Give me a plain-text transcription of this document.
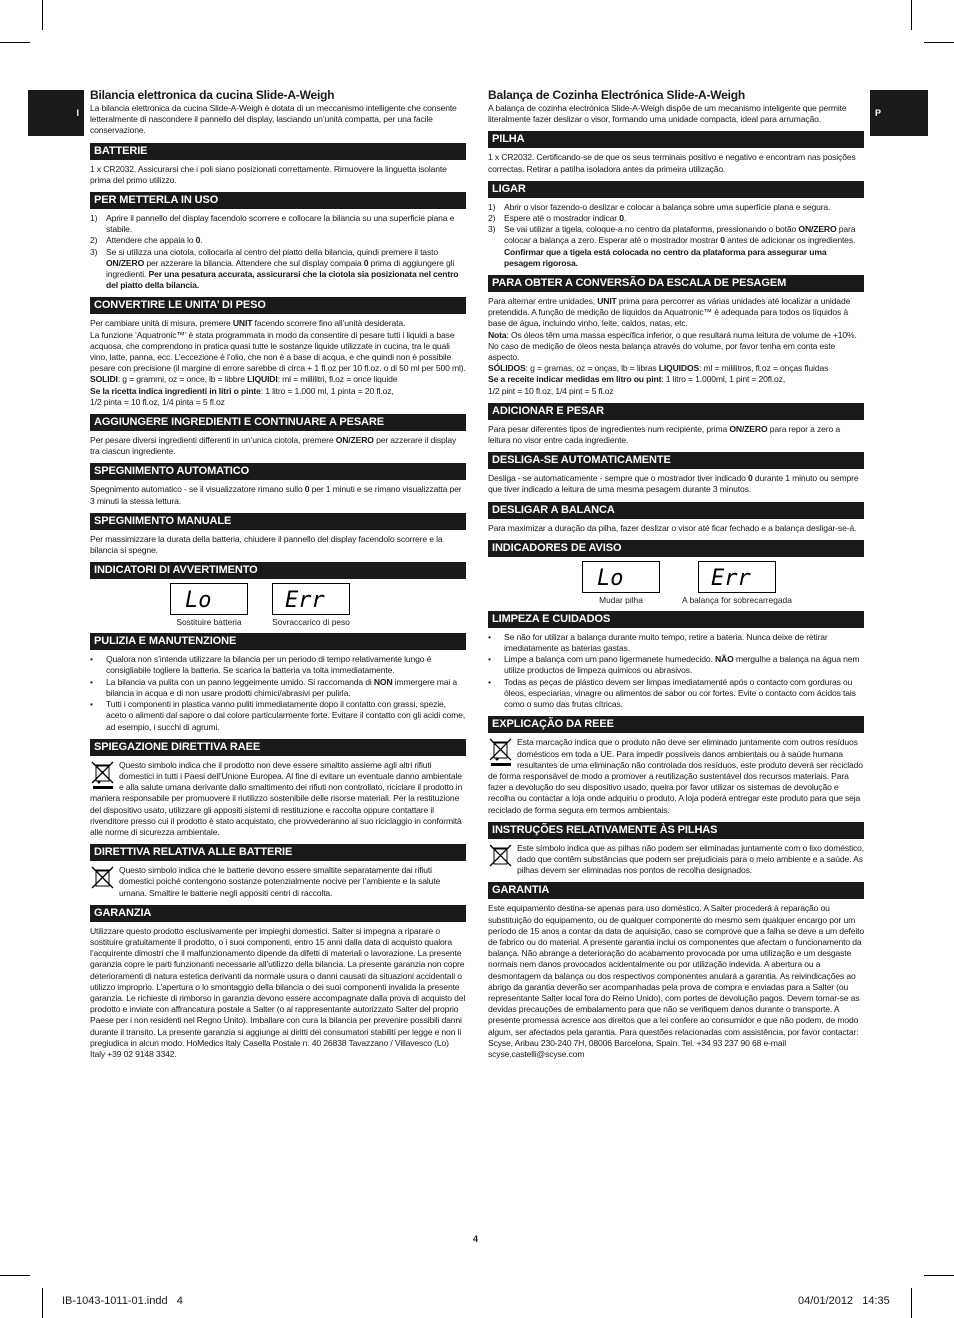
I	P
Bilancia elettronica da cucina Slide-A-Weigh

La bilancia elettronica da cucina Slide-A-Weigh è dotata di un meccanismo intelligente che consente letteralmente di nascondere il pannello del display, lasciando un’unità compatta, per una facile conservazione.

BATTERIE

1 x CR2032. Assicurarsi che i poli siano posizionati correttamente. Rimuovere la linguetta isolante prima del primo utilizzo.

PER METTERLA IN USO
1)	Aprire il pannello del display facendolo scorrere e collocare la bilancia su una superficie piana e stabile.
2)	Attendere che appaia lo 0.
3)	Se si utilizza una ciotola, collocarla al centro del piatto della bilancia, quindi premere il tasto ON/ZERO per azzerare la bilancia. Attendere che sul display compaia 0 prima di aggiungere gli ingredienti. Per una pesatura accurata, assicurarsi che la ciotola sia posizionata nel centro del piatto della bilancia.
CONVERTIRE LE UNITA’ DI PESO

Per cambiare unità di misura, premere UNIT facendo scorrere fino all’unità desiderata.

La funzione ‘Aquatronic™’ è stata programmata in modo da consentire di pesare tutti i liquidi a base acquosa, che comprendono in pratica quasi tutte le sostanze liquide utilizzate in cucina, tra le quali vino, latte, panna, ecc. L’eccezione è l’olio, che non è a base di acqua, e che quindi non è possibile pesare con precisione (il margine di errore sarebbe di circa + 1 fl.oz per 10 fl.oz. o di 50 ml per 500 ml).

SOLIDI: g = grammi, oz = once, lb = libbre LIQUIDI: ml = millilitri, fl.oz = once liquide

Se la ricetta indica ingredienti in litri o pinte: 1 litro = 1.000 ml, 1 pinta = 20 fl.oz,

1/2 pinta = 10 fl.oz, 1/4 pinta = 5 fl.oz

AGGIUNGERE INGREDIENTI E CONTINUARE A PESARE

Per pesare diversi ingredienti differenti in un’unica ciotola, premere ON/ZERO per azzerare il display tra ciascun ingrediente.

SPEGNIMENTO AUTOMATICO

Spegnimento automatico - se il visualizzatore rimano sullo 0 per 1 minuti e se rimano visualizzatta per 3 minuti la stessa lettura.

SPEGNIMENTO MANUALE

Per massimizzare la durata della batteria, chiudere il pannello del display facendolo scorrere e la bilancia si spegne.

INDICATORI DI AVVERTIMENTO
Lo
Sostituire batteria
Err
Sovraccarico di peso
PULIZIA E MANUTENZIONE
•	Qualora non s’intenda utilizzare la bilancia per un periodo di tempo relativamente lungo é consigliabile togliere la batteria. Se scarica la batteria va tolta immediatamente.
•	La bilancia va pulita con un panno leggeimente umido. Si raccomanda di NON immergere mai a bilancia in acqua e di non usare prodotti chimici/abrasivi per pulirla.
•	Tutti i componenti in plastica vanno puliti immediatamente dopo il contatto con grassi, spezie, aceto o alimenti dal sapore o dal colore particularmente forte. Evitare il contatto con gli acidi come, ad esempio, i succhi di agrumi.
SPIEGAZIONE DIRETTIVA RAEE

Questo simbolo indica che il prodotto non deve essere smaltito assieme agli altri rifiuti domestici in tutti i Paesi dell’Unione Europea. Al fine di evitare un eventuale danno ambientale e alla salute umana derivante dallo smaltimento dei rifiuti non controllato, riciclare il prodotto in maniera responsabile per promuovere il riutilizzo sostenibile delle risorse materiali. Per la restituzione del dispositivo usato, utilizzare gli appositi sistemi di restituzione e raccolta oppure contattare il rivenditore presso cui il prodotto è stato acquistato, che provvederanno al suo riciclaggio in conformità alle norme di sicurezza ambientale.

DIRETTIVA RELATIVA ALLE BATTERIE

Questo simbolo indica che le batterie devono essere smaltite separatamente dai rifiuti domestici poiché contengono sostanze potenzialmente nocive per l’ambiente e la salute umana. Smaltire le batterie negli appositi centri di raccolta.

GARANZIA

Utilizzare questo prodotto esclusivamente per impieghi domestici. Salter si impegna a riparare o sostituire gratuitamente il prodotto, o i suoi componenti, entro 15 anni dalla data di acquisto qualora l’acquirente dimostri che il malfunzionamento dipende da difetti di materiali o lavorazione. La presente garanzia copre le parti funzionanti necessarie all’utilizzo della bilancia. La presente garanzia non copre deterioramenti di natura estetica derivanti da normale usura o danni causati da situazioni accidentali o utilizzo improprio. L’apertura o lo smontaggio della bilancia o dei suoi componenti invalida la presente garanzia. Le richieste di rimborso in garanzia devono essere accompagnate dalla prova di acquisto del prodotto e inviate con affrancatura postale a Salter (o al rappresentante autorizzato Salter del proprio Paese per i non residenti nel Regno Unito). Imballare con cura la bilancia per prevenire possibili danni durante il transito. La presente garanzia si aggiunge ai diritti dei consumatori stabiliti per legge e non li pregiudica in alcun modo. HoMedics Italy Casella Postale n. 40 26838 Tavazzano / Villavesco (Lo) Italy +39 02 9148 3342.

Balança de Cozinha Electrónica Slide-A-Weigh

A balança de cozinha electrónica Slide-A-Weigh dispõe de um mecanismo inteligente que permite literalmente fazer deslizar o visor, formando uma unidade compacta, ideal para arrumação.

PILHA

1 x CR2032. Certificando-se de que os seus terminais positivo e negativo e encontram nas posições correctas. Retirar a patilha isoladora antes da primeira utilização.

LIGAR
1)	Abrir o visor fazendo-o deslizar e colocar a balança sobre uma superfície plana e segura.
2)	Espere até o mostrador indicar 0.
3)	Se vai utilizar a tigela, coloque-a no centro da plataforma, pressionando o botão ON/ZERO para colocar a balança a zero. Esperar até o mostrador mostrar 0 antes de adicionar os ingredientes. Confirmar que a tigela está colocada no centro da plataforma para assegurar uma pesagem rigorosa.
PARA OBTER A CONVERSÃO DA ESCALA DE PESAGEM

Para alternar entre unidades, UNIT prima para percorrer as várias unidades até localizar a unidade pretendida. A função de medição de líquidos da Aquatronic™ é adequada para todos os líquidos à base de água, incluindo vinho, leite, caldos, natas, etc.

Nota: Os óleos têm uma massa específica inferior, o que resultará numa leitura de volume de +10%. No caso de medição de óleos nesta balança através do volume, por favor tenha em conta este aspecto.

SÓLIDOS: g = gramas, oz = onças, lb = libras LIQUIDOS: ml = mililitros, fl.oz = onças fluidas

Se a receite indicar medidas em litro ou pint: 1 litro = 1.000ml, 1 pint = 20fl.oz,

1/2 pint = 10 fl.oz, 1/4 pint = 5 fl.oz

ADICIONAR E PESAR

Para pesar diferentes tipos de ingredientes num recipiente, prima ON/ZERO para repor a zero a leitura no visor entre cada ingrediente.

DESLIGA-SE AUTOMATICAMENTE

Desliga - se automaticamente - sempre que o mostrador tiver indicado 0 durante 1 minuto ou sempre que tiver indicado a leitura de uma mesma pesagem durante 3 minutos.

DESLIGAR A BALANCA

Para maximizar a duração da pilha, fazer deslizar o visor até ficar fechado e a balança desligar-se-á.

INDICADORES DE AVISO
Lo
Mudar pilha
Err
A balança for sobrecarregada
LIMPEZA E CUIDADOS
•	Se não for utilizar a balança durante muito tempo, retire a bateria. Nunca deixe de retirar imediatamente as baterias gastas.
•	Limpe a balança com um pano ligermanete humedecido. NÃO mergulhe a balança na água nem utilize productos de limpeza quimicos ou abrasivos.
•	Todas as peças de plástico devem ser limpas imediatamenté após o contacto com gorduras ou óleos, especiarias, vinagre ou alimentos de sabor ou cor fortes. Evite o contacto com ácidos tais como o sumo das frutas cítricas.
EXPLICAÇÃO DA REEE

Esta marcação indica que o produto não deve ser eliminado juntamente com outros resíduos domésticos em toda a UE. Para impedir possíveis danos ambientais ou à saúde humana resultantes de uma eliminação não controlada dos resíduos, este produto deverá ser reciclado de forma responsável de modo a promover a reutilização sustentável dos recursos materiais. Para fazer a devolução do seu dispositivo usado, queira por favor utilizar os sistemas de devolução e recolha ou contactar a loja onde adquiriu o produto. A loja poderá entregar este produto para que seja reciclado de forma segura em termos ambientais.

INSTRUÇÕES RELATIVAMENTE ÀS PILHAS

Este símbolo indica que as pilhas não podem ser eliminadas juntamente com o lixo doméstico, dado que contêm substâncias que podem ser prejudiciais para o meio ambiente e a saúde. As pilhas devem ser eliminadas nos pontos de recolha designados.

GARANTIA

Este equipamento destina-se apenas para uso doméstico. A Salter procederá à reparação ou substituição do equipamento, ou de qualquer componente do mesmo sem qualquer encargo por um período de 15 anos a contar da data de aquisição, caso se comprove que a falha se deve a um defeito de fabrico ou do material. A presente garantia inclui os componentes que afectam o funcionamento da balança. Não abrange a deterioração do acabamento provocada por uma utilização e um desgaste normais nem danos provocados acidentalmente ou por utilização indevida. A abertura ou a desmontagem da balança ou dos respectivos componentes anulará a garantia. As reivindicações ao abrigo da garantia deverão ser acompanhadas pela prova de compra e enviadas para a Salter (ou representante Salter local fora do Reino Unido), com portes de devolução pagos. Devem tomar-se as devidas precauções de embalamento para que não se verifiquem danos durante o transporte. A presente promessa acresce aos direitos que a lei confere ao consumidor e que não podem, de modo algum, ser afectados pela garantia. Para questões relacionadas com assistência, por favor contactar: Scyse, Aribau 230-240 7H, 08006 Barcelona, Spain. Tel. +34 93 237 90 68 e-mail scyse.castelli@scyse.com

4
IB-1043-1011-01.indd   4	04/01/2012   14:35
